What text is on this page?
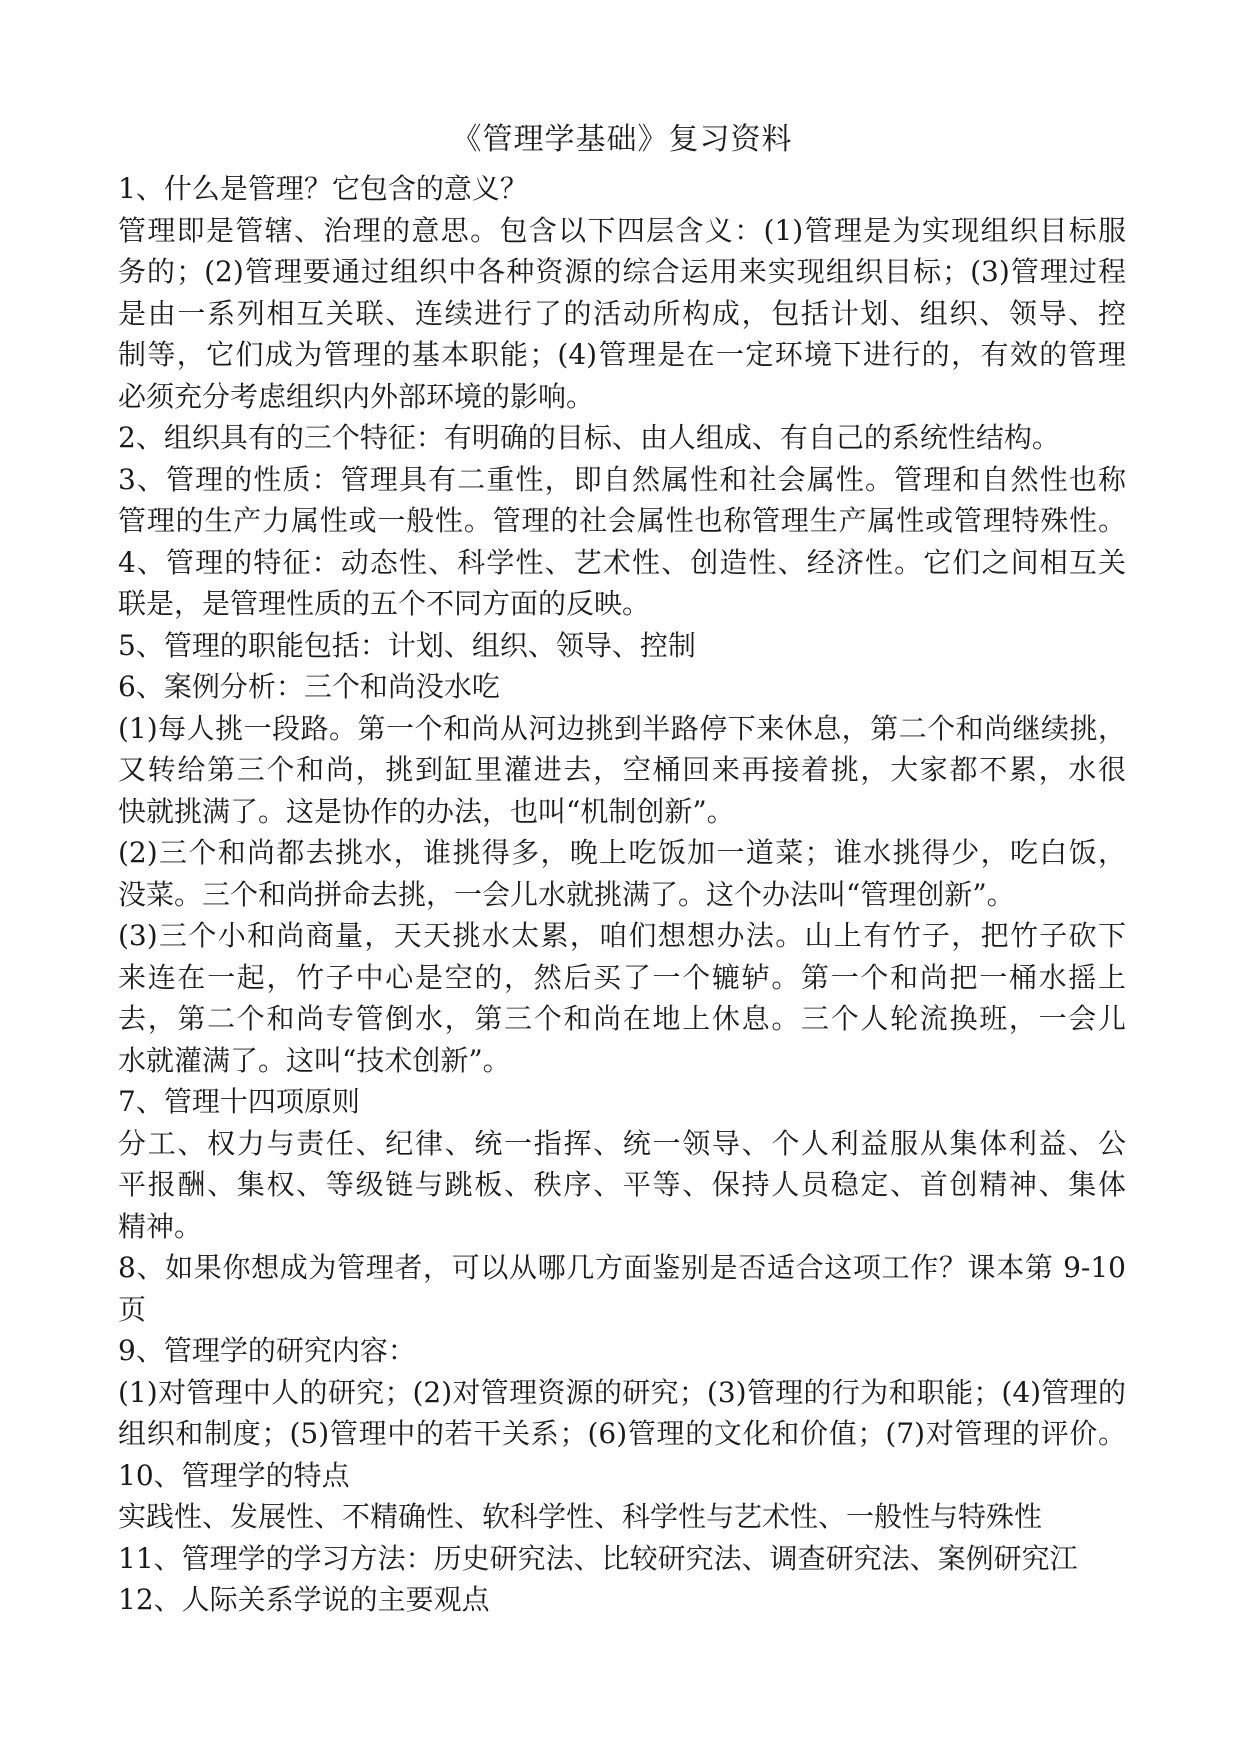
《管理学基础》复习资料
1、什么是管理？它包含的意义？
管理即是管辖、治理的意思。包含以下四层含义：(1)管理是为实现组织目标服
务的；(2)管理要通过组织中各种资源的综合运用来实现组织目标；(3)管理过程
是由一系列相互关联、连续进行了的活动所构成，包括计划、组织、领导、控
制等，它们成为管理的基本职能；(4)管理是在一定环境下进行的，有效的管理
必须充分考虑组织内外部环境的影响。
2、组织具有的三个特征：有明确的目标、由人组成、有自己的系统性结构。
3、管理的性质：管理具有二重性，即自然属性和社会属性。管理和自然性也称
管理的生产力属性或一般性。管理的社会属性也称管理生产属性或管理特殊性。
4、管理的特征：动态性、科学性、艺术性、创造性、经济性。它们之间相互关
联是，是管理性质的五个不同方面的反映。
5、管理的职能包括：计划、组织、领导、控制
6、案例分析：三个和尚没水吃
(1)每人挑一段路。第一个和尚从河边挑到半路停下来休息，第二个和尚继续挑，
又转给第三个和尚，挑到缸里灌进去，空桶回来再接着挑，大家都不累，水很
快就挑满了。这是协作的办法，也叫“机制创新”。
(2)三个和尚都去挑水，谁挑得多，晚上吃饭加一道菜；谁水挑得少，吃白饭，
没菜。三个和尚拼命去挑，一会儿水就挑满了。这个办法叫“管理创新”。
(3)三个小和尚商量，天天挑水太累，咱们想想办法。山上有竹子，把竹子砍下
来连在一起，竹子中心是空的，然后买了一个辘轳。第一个和尚把一桶水摇上
去，第二个和尚专管倒水，第三个和尚在地上休息。三个人轮流换班，一会儿
水就灌满了。这叫“技术创新”。
7、管理十四项原则
分工、权力与责任、纪律、统一指挥、统一领导、个人利益服从集体利益、公
平报酬、集权、等级链与跳板、秩序、平等、保持人员稳定、首创精神、集体
精神。
8、如果你想成为管理者，可以从哪几方面鉴别是否适合这项工作？课本第 9-10
页
9、管理学的研究内容：
(1)对管理中人的研究；(2)对管理资源的研究；(3)管理的行为和职能；(4)管理的
组织和制度；(5)管理中的若干关系；(6)管理的文化和价值；(7)对管理的评价。
10、管理学的特点
实践性、发展性、不精确性、软科学性、科学性与艺术性、一般性与特殊性
11、管理学的学习方法：历史研究法、比较研究法、调查研究法、案例研究江
12、人际关系学说的主要观点
